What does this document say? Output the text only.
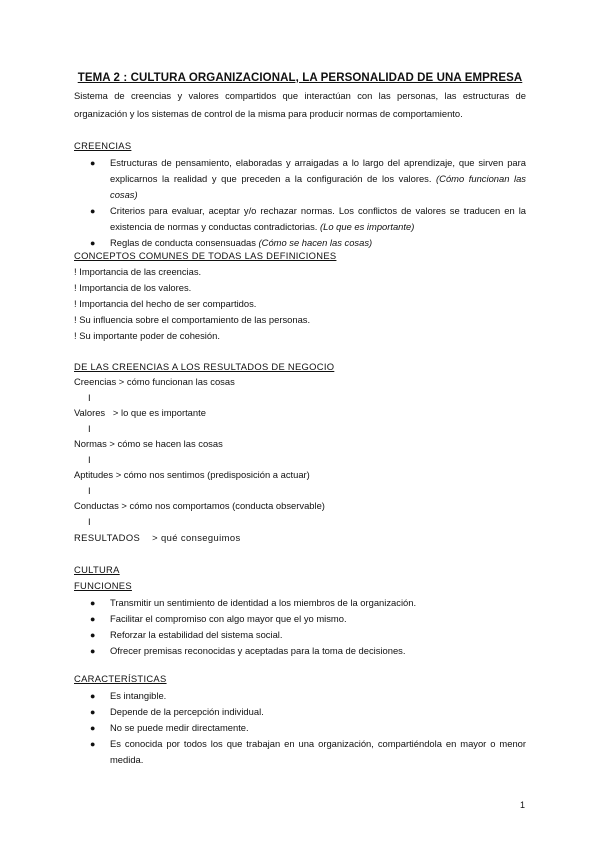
TEMA 2 : CULTURA ORGANIZACIONAL, LA PERSONALIDAD DE UNA EMPRESA
Sistema de creencias y valores compartidos que interactúan con las personas, las estructuras de organización y los sistemas de control de la misma para producir normas de comportamiento.
CREENCIAS
● Estructuras de pensamiento, elaboradas y arraigadas a lo largo del aprendizaje, que sirven para explicarnos la realidad y que preceden a la configuración de los valores. (Cómo funcionan las cosas)
● Criterios para evaluar, aceptar y/o rechazar normas. Los conflictos de valores se traducen en la existencia de normas y conductas contradictorias. (Lo que es importante)
● Reglas de conducta consensuadas (Cómo se hacen las cosas)
CONCEPTOS COMUNES DE TODAS LAS DEFINICIONES
! Importancia de las creencias.
! Importancia de los valores.
! Importancia del hecho de ser compartidos.
! Su influencia sobre el comportamiento de las personas.
! Su importante poder de cohesión.
DE LAS CREENCIAS A LOS RESULTADOS DE NEGOCIO
Creencias > cómo funcionan las cosas
I
Valores   > lo que es importante
I
Normas > cómo se hacen las cosas
I
Aptitudes > cómo nos sentimos (predisposición a actuar)
I
Conductas > cómo nos comportamos (conducta observable)
I
RESULTADOS    > qué conseguimos
CULTURA
FUNCIONES
● Transmitir un sentimiento de identidad a los miembros de la organización.
● Facilitar el compromiso con algo mayor que el yo mismo.
● Reforzar la estabilidad del sistema social.
● Ofrecer premisas reconocidas y aceptadas para la toma de decisiones.
CARACTERÍSTICAS
● Es intangible.
● Depende de la percepción individual.
● No se puede medir directamente.
● Es conocida por todos los que trabajan en una organización, compartiéndola en mayor o menor medida.
1
